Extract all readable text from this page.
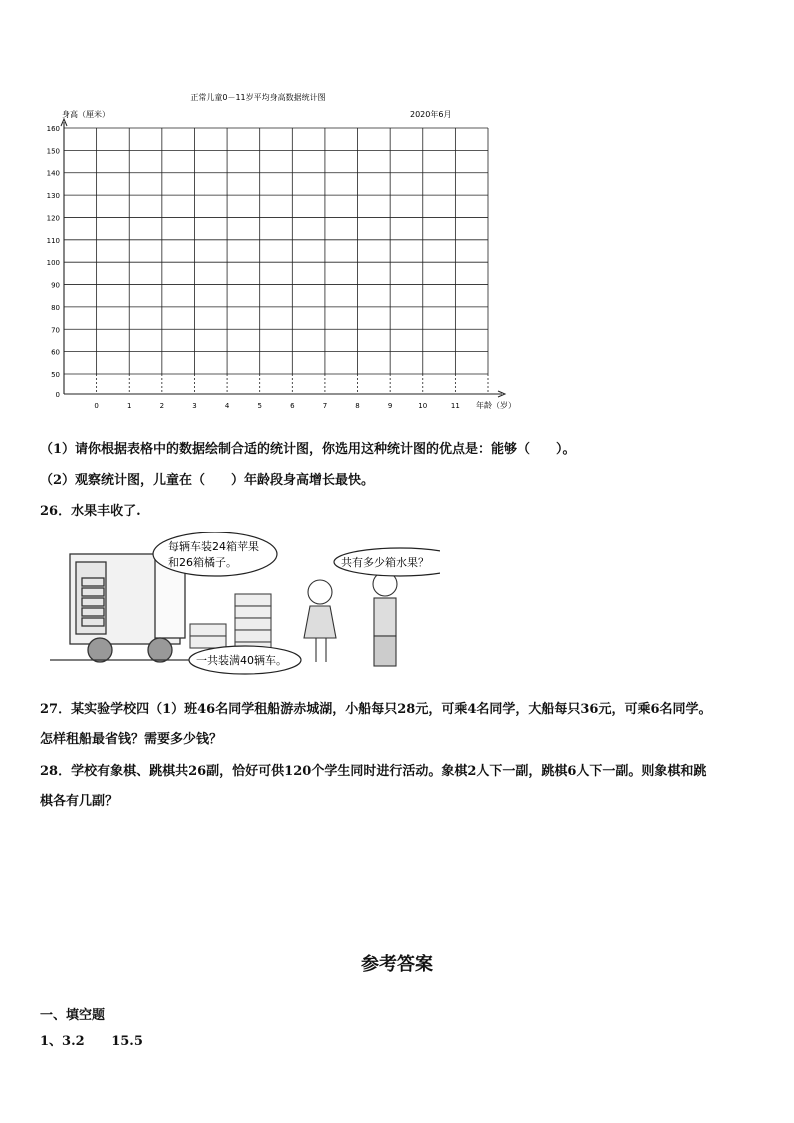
正常儿童0－11岁平均身高数据统计图
身高（厘米）	2020年6月
0
50
60
70
80
90
100
110
120
130
140
150
160
0	1	2	3	4	5	6	7	8	9	10	11 年龄（岁）
（1）请你根据表格中的数据绘制合适的统计图，你选用这种统计图的优点是：能够（　　）。
（2）观察统计图，儿童在（　　）年龄段身高增长最快。
26．水果丰收了.
每辆车装24箱苹果
和26箱橘子。	共有多少箱水果？
一共装满40辆车。
27．某实验学校四（1）班46名同学租船游赤城湖，小船每只28元，可乘4名同学，大船每只36元，可乘6名同学。
怎样租船最省钱？需要多少钱？
28．学校有象棋、跳棋共26副，恰好可供120个学生同时进行活动。象棋2人下一副，跳棋6人下一副。则象棋和跳
棋各有几副？
参考答案
一、填空题
1、3.2 15.5
